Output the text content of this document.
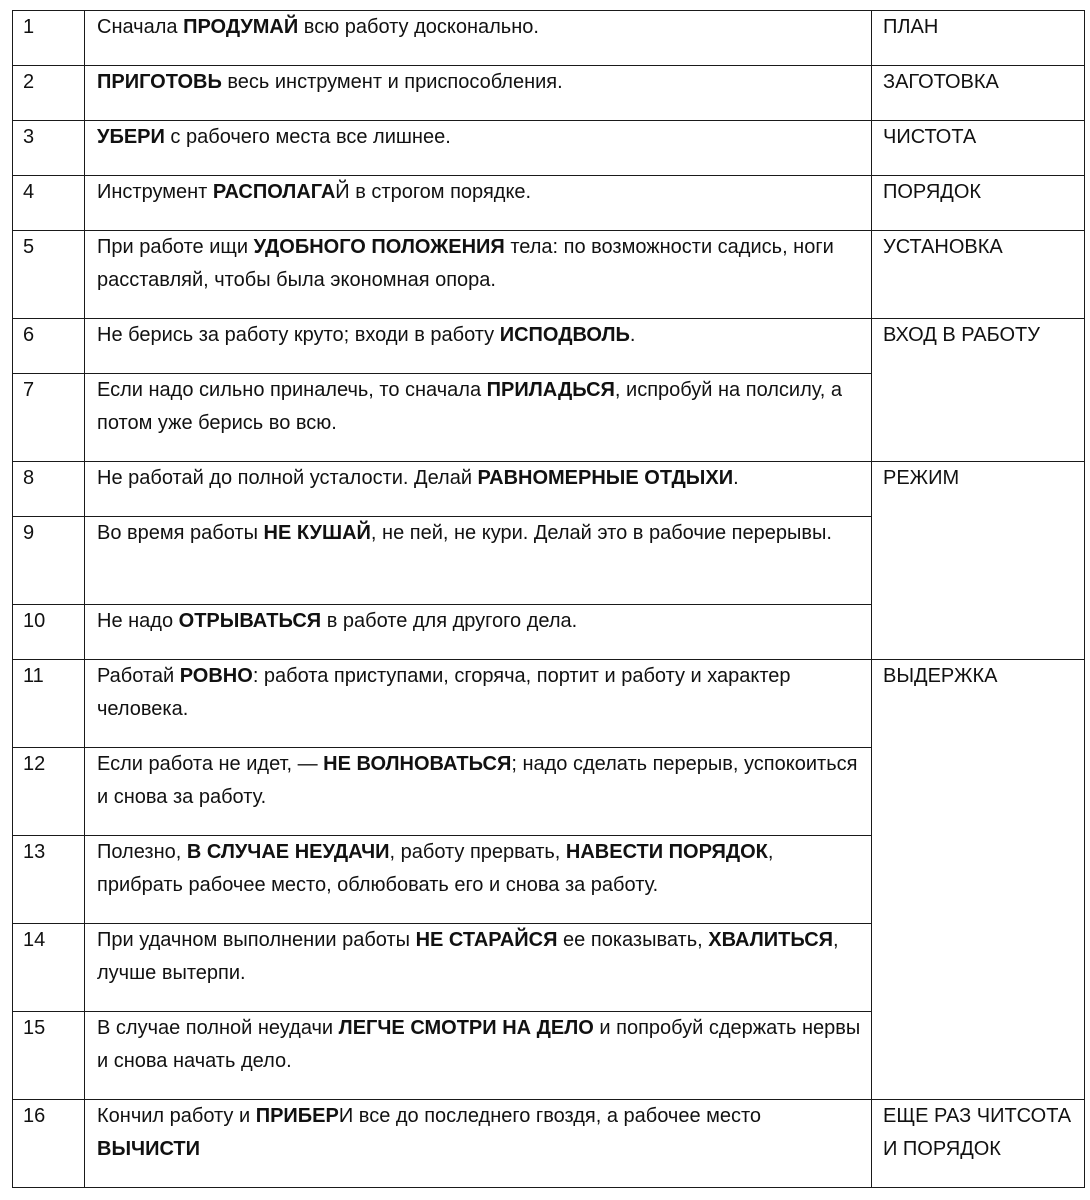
1	Сначала ПРОДУМАЙ всю работу досконально.	ПЛАН
2	ПРИГОТОВЬ весь инструмент и приспособления.	ЗАГОТОВКА
3	УБЕРИ с рабочего места все лишнее.	ЧИСТОТА
4	Инструмент РАСПОЛАГАЙ в строгом порядке.	ПОРЯДОК
5	При работе ищи УДОБНОГО ПОЛОЖЕНИЯ тела: по возможности садись, ноги расставляй, чтобы была экономная опора.	УСТАНОВКА
6	Не берись за работу круто; входи в работу ИСПОДВОЛЬ.	ВХОД В РАБОТУ
7	Если надо сильно приналечь, то сначала ПРИЛАДЬСЯ, испробуй на полсилу, а потом уже берись во всю.	
8	Не работай до полной усталости. Делай РАВНОМЕРНЫЕ ОТДЫХИ.	РЕЖИМ
9	Во время работы НЕ КУШАЙ, не пей, не кури. Делай это в рабочие перерывы.	
10	Не надо ОТРЫВАТЬСЯ в работе для другого дела.	
11	Работай РОВНО: работа приступами, сгоряча, портит и работу и характер человека.	ВЫДЕРЖКА
12	Если работа не идет, — НЕ ВОЛНОВАТЬСЯ; надо сделать перерыв, успокоиться и снова за работу.	
13	Полезно, В СЛУЧАЕ НЕУДАЧИ, работу прервать, НАВЕСТИ ПОРЯДОК, прибрать рабочее место, облюбовать его и снова за работу.	
14	При удачном выполнении работы НЕ СТАРАЙСЯ ее показывать, ХВАЛИТЬСЯ, лучше вытерпи.	
15	В случае полной неудачи ЛЕГЧЕ СМОТРИ НА ДЕЛО и попробуй сдержать нервы и снова начать дело.	
16	Кончил работу и ПРИБЕРИ все до последнего гвоздя, а рабочее место ВЫЧИСТИ	ЕЩЕ РАЗ ЧИТСОТА И ПОРЯДОК
